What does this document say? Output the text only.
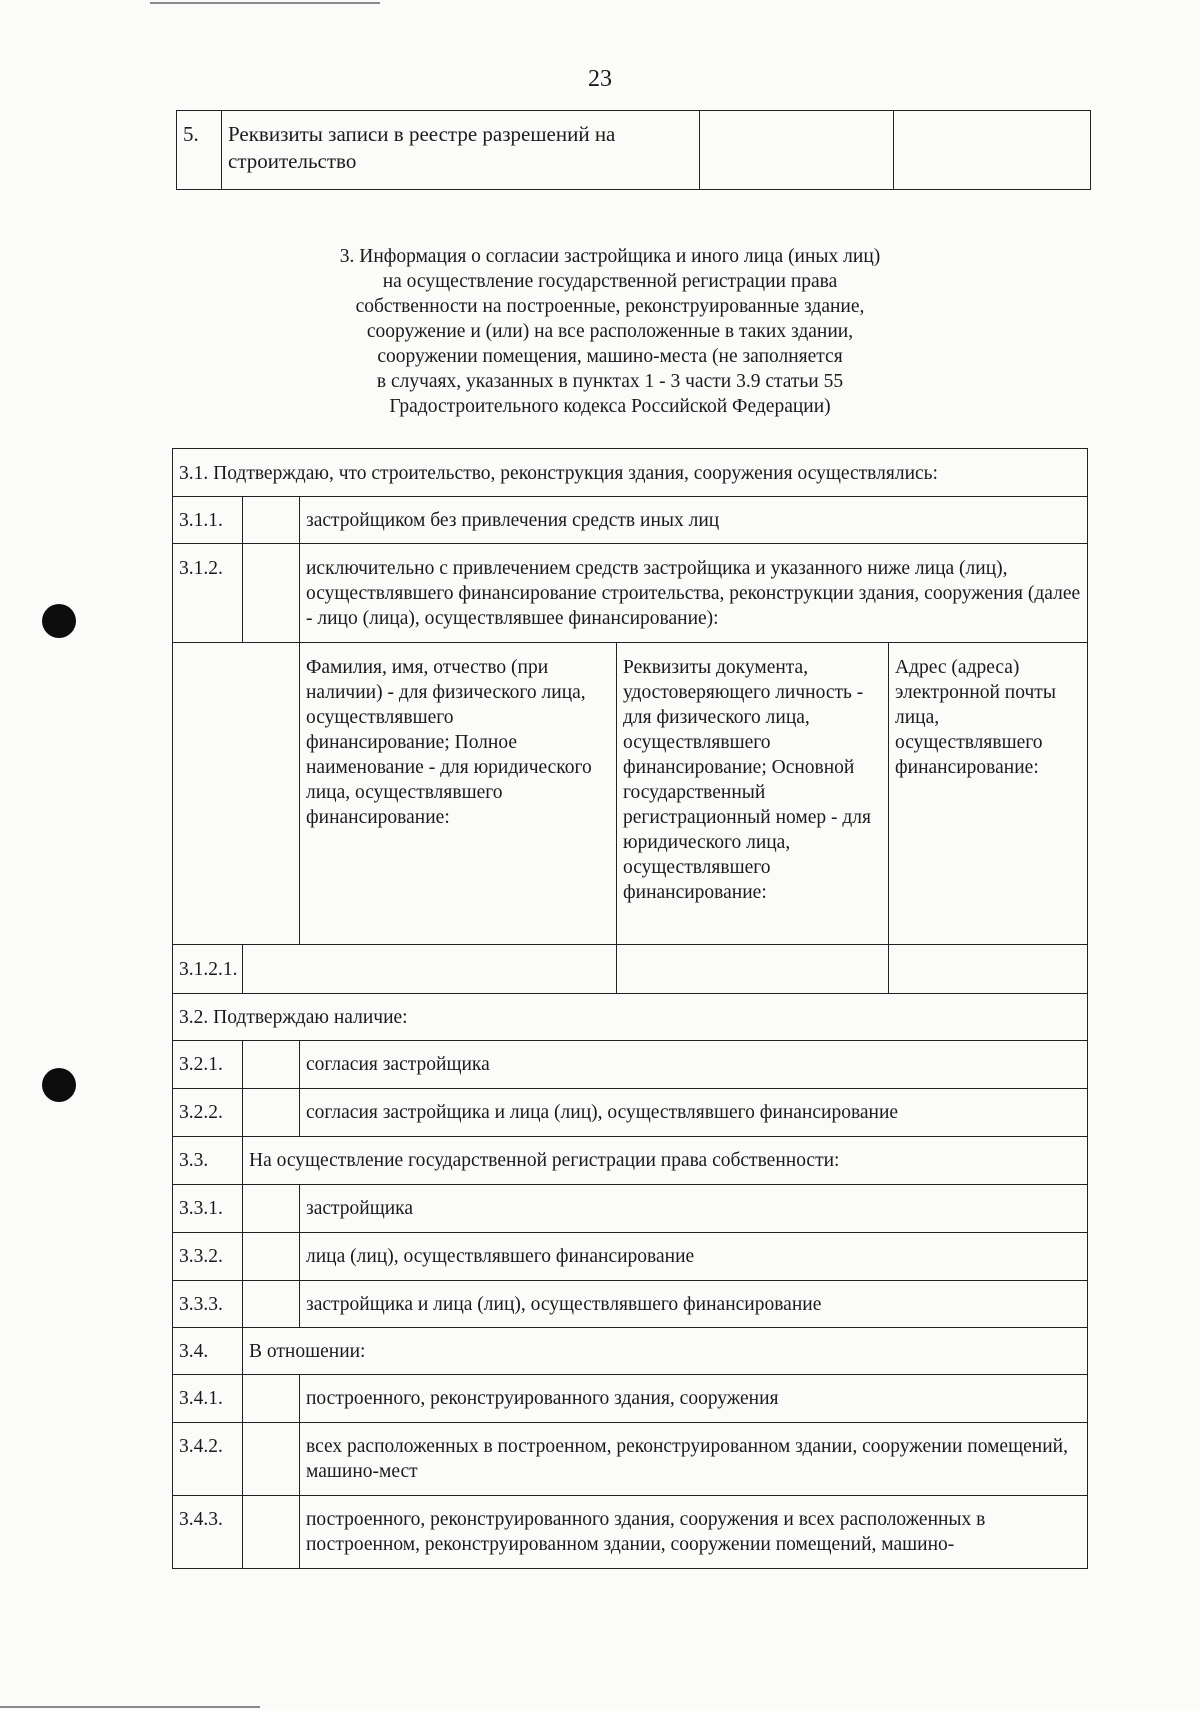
23
5.	Реквизиты записи в реестре разрешений на строительство		
3. Информация о согласии застройщика и иного лица (иных лиц)
на осуществление государственной регистрации права
собственности на построенные, реконструированные здание,
сооружение и (или) на все расположенные в таких здании,
сооружении помещения, машино-места (не заполняется
в случаях, указанных в пунктах 1 - 3 части 3.9 статьи 55
Градостроительного кодекса Российской Федерации)
3.1. Подтверждаю, что строительство, реконструкция здания, сооружения осуществлялись:				
3.1.1.		застройщиком без привлечения средств иных лиц		
3.1.2.		исключительно с привлечением средств застройщика и указанного ниже лица (лиц), осуществлявшего финансирование строительства, реконструкции здания, сооружения (далее - лицо (лица), осуществлявшее финансирование):		
		Фамилия, имя, отчество (при наличии) - для физического лица, осуществлявшего финансирование; Полное наименование - для юридического лица, осуществлявшего финансирование:	Реквизиты документа, удостоверяющего личность - для физического лица, осуществлявшего финансирование; Основной государственный регистрационный номер - для юридического лица, осуществлявшего финансирование:	Адрес (адреса) электронной почты лица, осуществлявшего финансирование:
3.1.2.1.				
3.2. Подтверждаю наличие:				
3.2.1.		согласия застройщика		
3.2.2.		согласия застройщика и лица (лиц), осуществлявшего финансирование		
3.3.	На осуществление государственной регистрации права собственности:			
3.3.1.		застройщика		
3.3.2.		лица (лиц), осуществлявшего финансирование		
3.3.3.		застройщика и лица (лиц), осуществлявшего финансирование		
3.4.	В отношении:			
3.4.1.		построенного, реконструированного здания, сооружения		
3.4.2.		всех расположенных в построенном, реконструированном здании, сооружении помещений, машино-мест		
3.4.3.		построенного, реконструированного здания, сооружения и всех расположенных в построенном, реконструированном здании, сооружении помещений, машино-		
